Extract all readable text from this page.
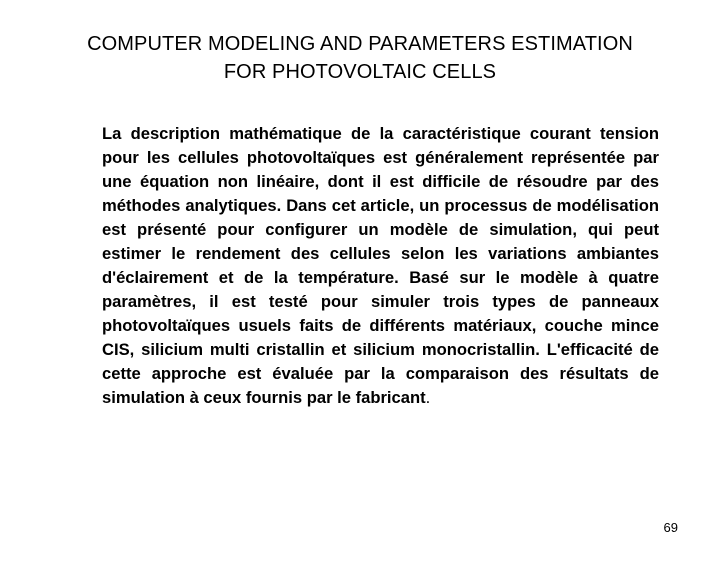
COMPUTER MODELING AND PARAMETERS ESTIMATION
FOR PHOTOVOLTAIC CELLS
La description mathématique de la caractéristique courant tension pour les cellules photovoltaïques est généralement représentée par une équation non linéaire, dont il est difficile de résoudre par des méthodes analytiques. Dans cet article, un processus de modélisation est présenté pour configurer un modèle de simulation, qui peut estimer le rendement des cellules selon les variations ambiantes d'éclairement et de la température. Basé sur le modèle à quatre paramètres, il est testé pour simuler trois types de panneaux photovoltaïques usuels faits de différents matériaux, couche mince CIS, silicium multi cristallin et silicium monocristallin. L'efficacité de cette approche est évaluée par la comparaison des résultats de simulation à ceux fournis par le fabricant.
69
